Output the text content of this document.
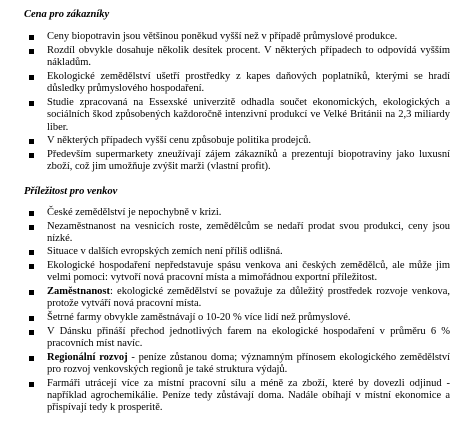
Cena pro zákazníky
Ceny biopotravin jsou většinou poněkud vyšší než v případě průmyslové produkce.
Rozdíl obvykle dosahuje několik desítek procent. V některých případech to odpovídá vyšším nákladům.
Ekologické zemědělství ušetří prostředky z kapes daňových poplatníků, kterými se hradí důsledky průmyslového hospodaření.
Studie zpracovaná na Essexské univerzitě odhadla součet ekonomických, ekologických a sociálních škod způsobených každoročně intenzivní produkcí ve Velké Británii na 2,3 miliardy liber.
V některých případech vyšší cenu způsobuje politika prodejců.
Především supermarkety zneužívají zájem zákazníků a prezentují biopotraviny jako luxusní zboží, což jim umožňuje zvýšit marži (vlastní profit).
Příležitost pro venkov
České zemědělství je nepochybně v krizi.
Nezaměstnanost na vesnicích roste, zemědělcům se nedaří prodat svou produkci, ceny jsou nízké.
Situace v dalších evropských zemích není příliš odlišná.
Ekologické hospodaření nepředstavuje spásu venkova ani českých zemědělců, ale může jim velmi pomoci: vytvoří nová pracovní místa a mimořádnou exportní příležitost.
Zaměstnanost: ekologické zemědělství se považuje za důležitý prostředek rozvoje venkova, protože vytváří nová pracovní místa.
Šetrné farmy obvykle zaměstnávají o 10-20 % více lidí než průmyslové.
V Dánsku přináší přechod jednotlivých farem na ekologické hospodaření v průměru 6 % pracovních míst navíc.
Regionální rozvoj - peníze zůstanou doma; významným přínosem ekologického zemědělství pro rozvoj venkovských regionů je také struktura výdajů.
Farmáři utrácejí více za místní pracovní sílu a méně za zboží, které by dovezli odjinud - například agrochemikálie. Peníze tedy zůstávají doma. Nadále obíhají v místní ekonomice a přispívají tedy k prosperitě.
